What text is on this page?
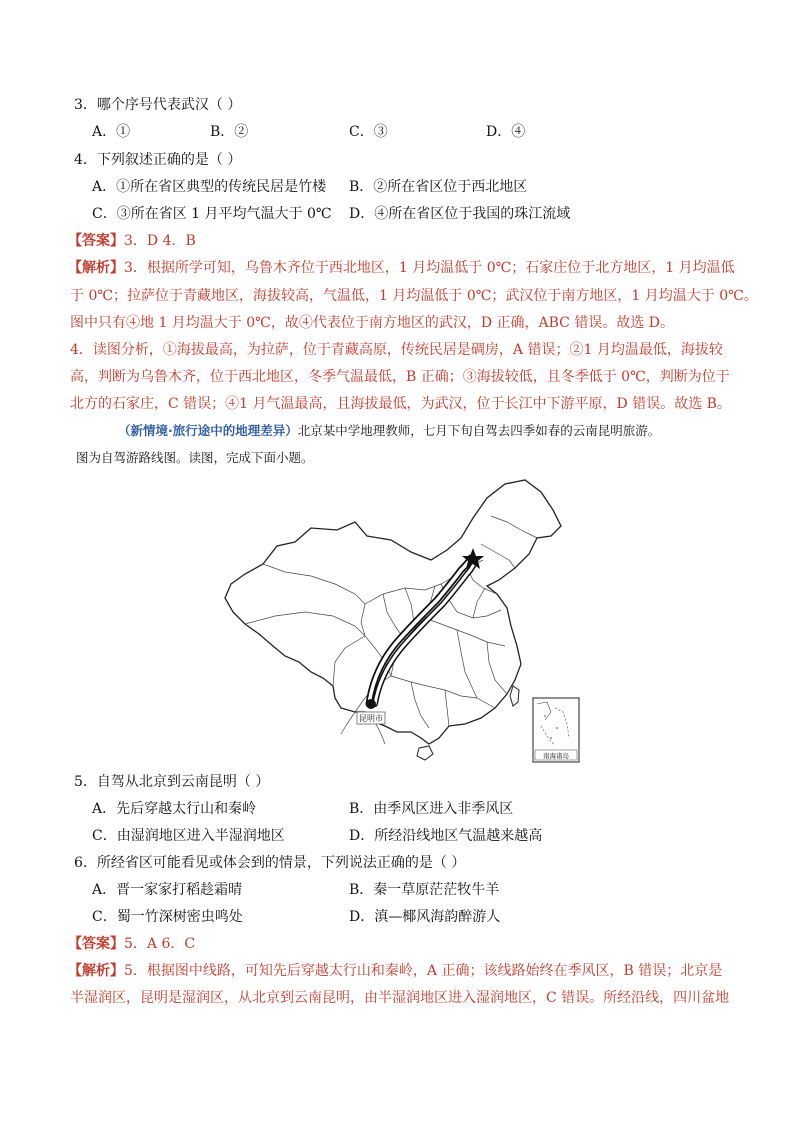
3．哪个序号代表武汉（ ）
A．①	B．②	C．③	D．④
4．下列叙述正确的是（ ）
A．①所在省区典型的传统民居是竹楼 B．②所在省区位于西北地区
C．③所在省区 1 月平均气温大于 0℃ D．④所在省区位于我国的珠江流域
【答案】3．D 4．B
【解析】3．根据所学可知，乌鲁木齐位于西北地区，1 月均温低于 0℃；石家庄位于北方地区，1 月均温低
于 0℃；拉萨位于青藏地区，海拔较高，气温低，1 月均温低于 0℃；武汉位于南方地区，1 月均温大于 0℃。
图中只有④地 1 月均温大于 0℃，故④代表位于南方地区的武汉，D 正确，ABC 错误。故选 D。
4．读图分析，①海拔最高，为拉萨，位于青藏高原，传统民居是碉房，A 错误；②1 月均温最低，海拔较
高，判断为乌鲁木齐，位于西北地区，冬季气温最低，B 正确；③海拔较低，且冬季低于 0℃，判断为位于
北方的石家庄，C 错误；④1 月气温最高，且海拔最低，为武汉，位于长江中下游平原，D 错误。故选 B。
（新情境·旅行途中的地理差异）北京某中学地理教师，七月下旬自驾去四季如春的云南昆明旅游。
图为自驾游路线图。读图，完成下面小题。
昆明市
南海诸岛
5．自驾从北京到云南昆明（ ）
A．先后穿越太行山和秦岭	B．由季风区进入非季风区
C．由湿润地区进入半湿润地区	D．所经沿线地区气温越来越高
6．所经省区可能看见或体会到的情景，下列说法正确的是（ ）
A．晋一家家打稻趁霜晴	B．秦一草原茫茫牧牛羊
C．蜀一竹深树密虫鸣处	D．滇—椰风海韵醉游人
【答案】5．A 6．C
【解析】5．根据图中线路，可知先后穿越太行山和秦岭，A 正确；该线路始终在季风区，B 错误；北京是
半湿润区，昆明是湿润区，从北京到云南昆明，由半湿润地区进入湿润地区，C 错误。所经沿线，四川盆地
